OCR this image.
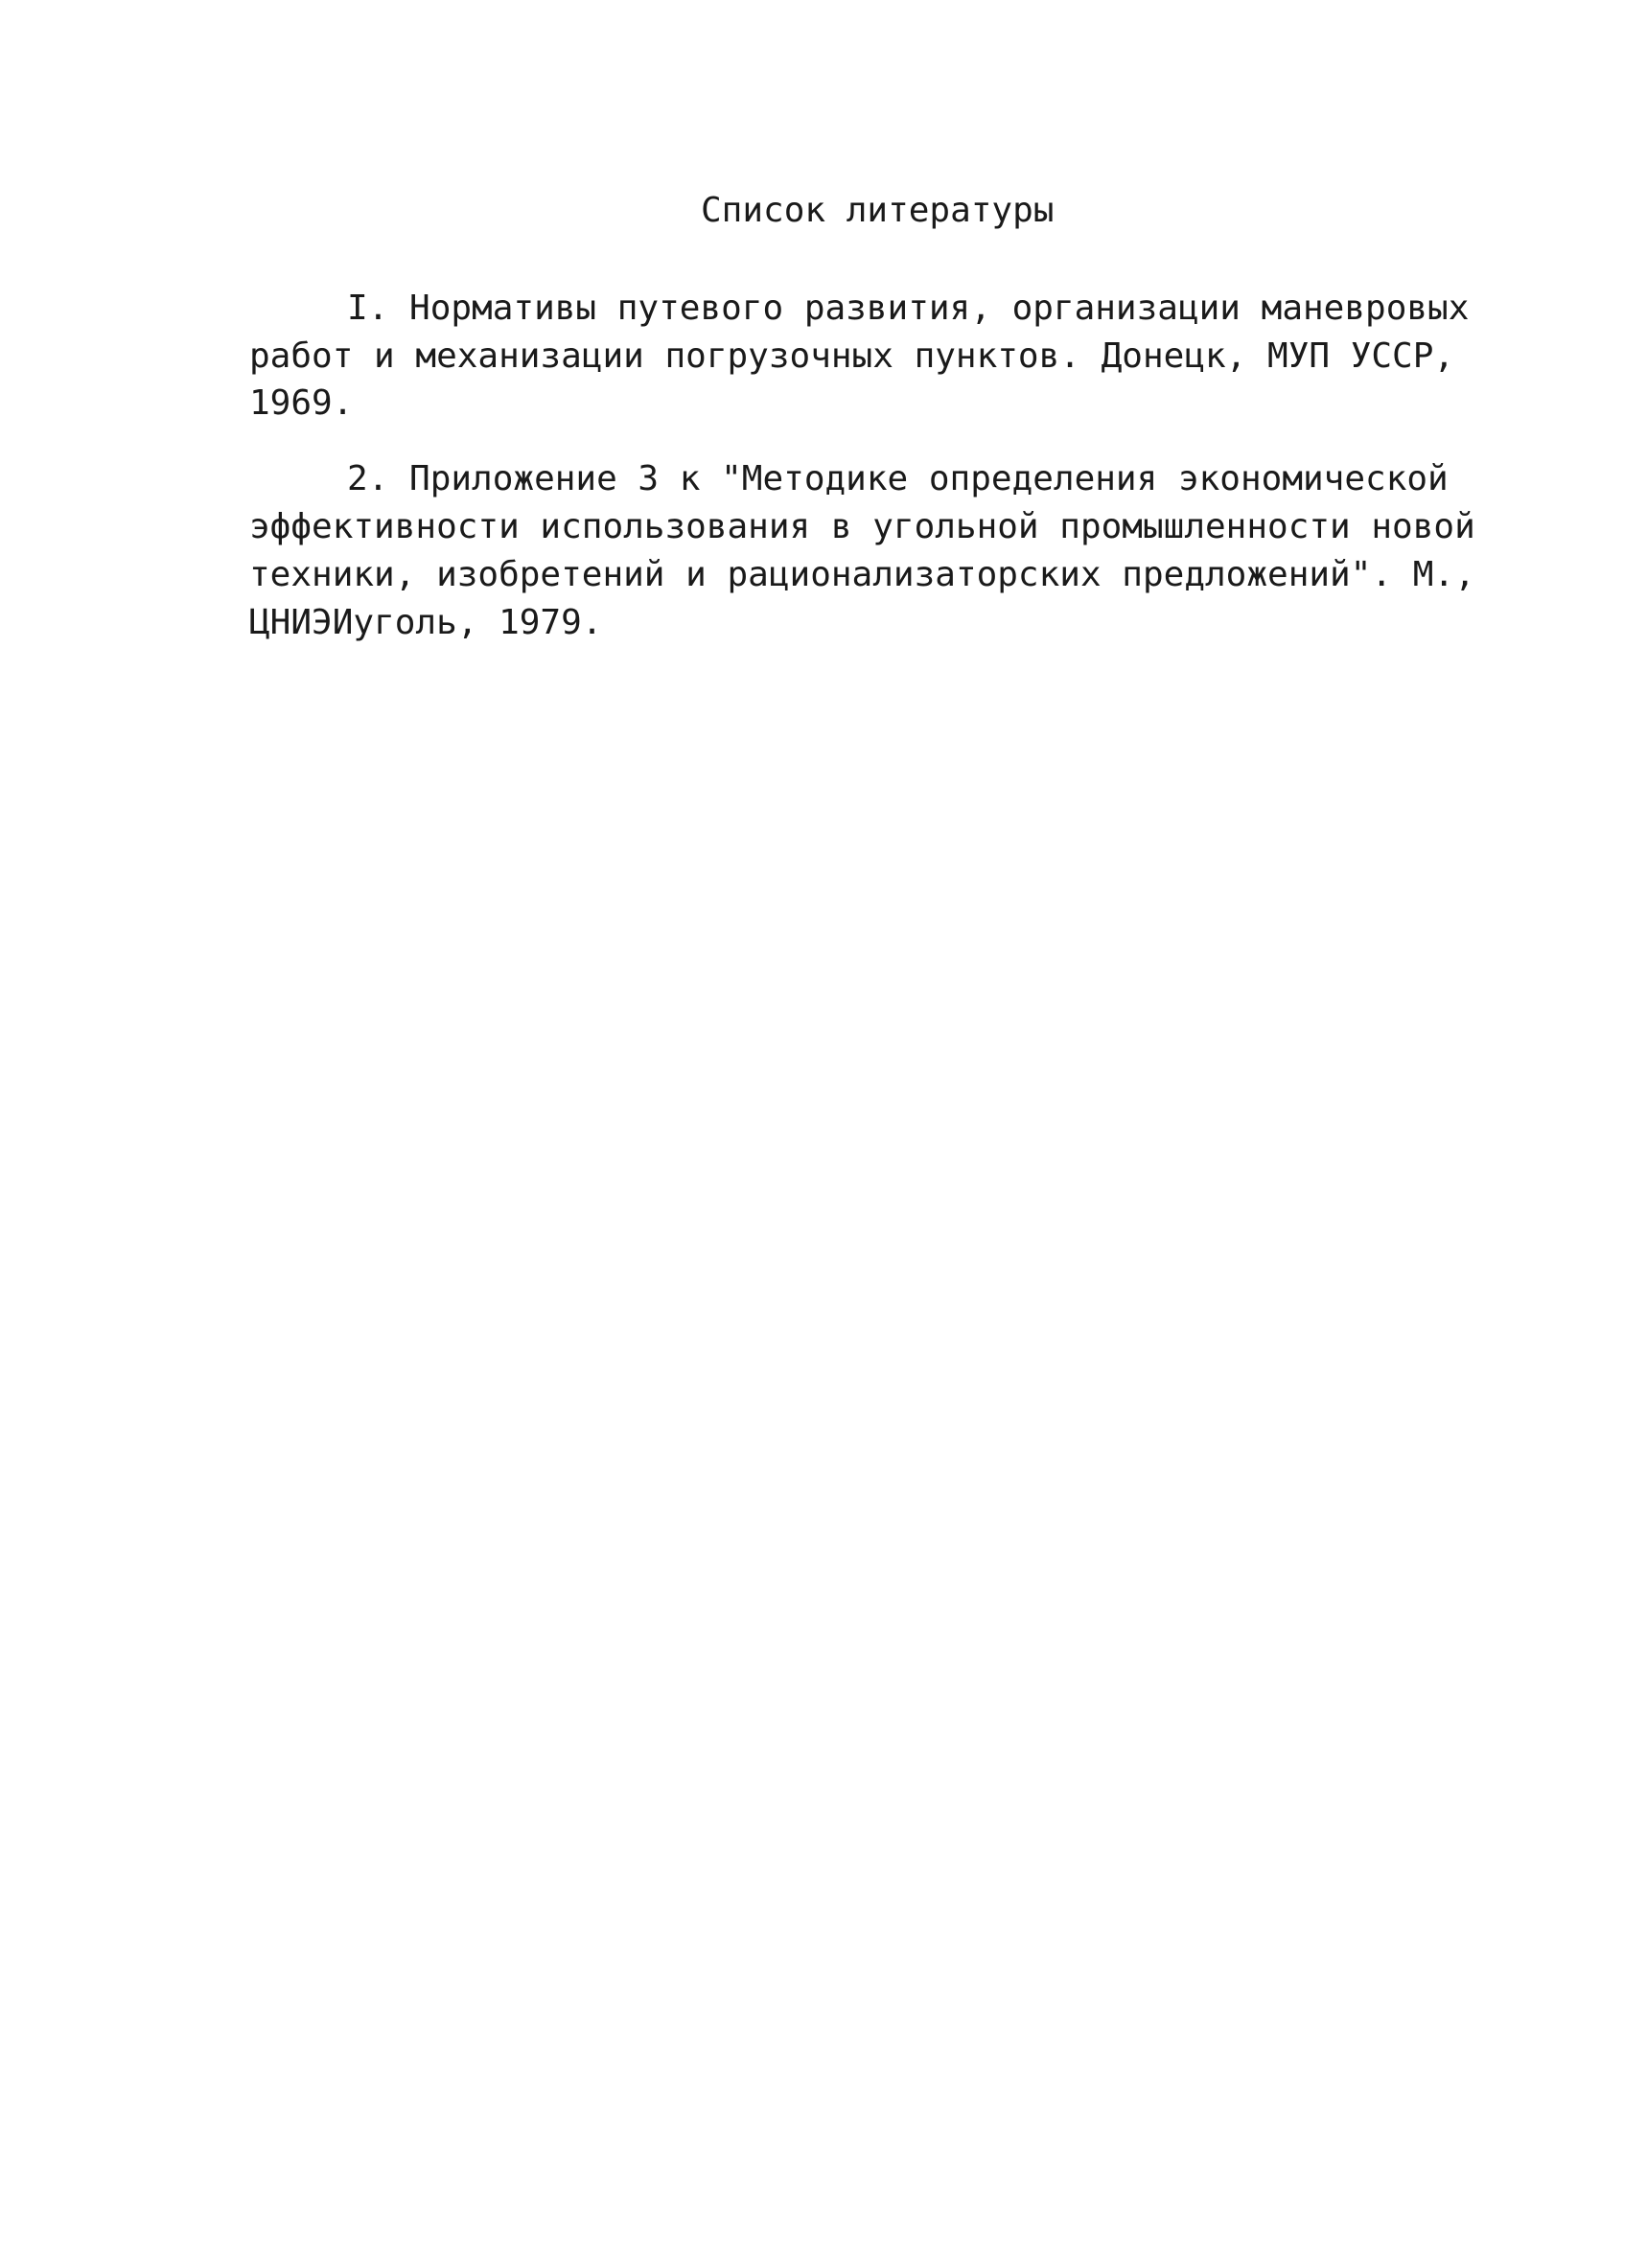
Список литературы
I. Нормативы путевого развития, организации маневровых
работ и механизации погрузочных пунктов. Донецк, МУП УССР,
1969.
2. Приложение 3 к "Методике определения экономической
эффективности использования в угольной промышленности новой
техники, изобретений и рационализаторских предложений". М.,
ЦНИЭИуголь, 1979.
